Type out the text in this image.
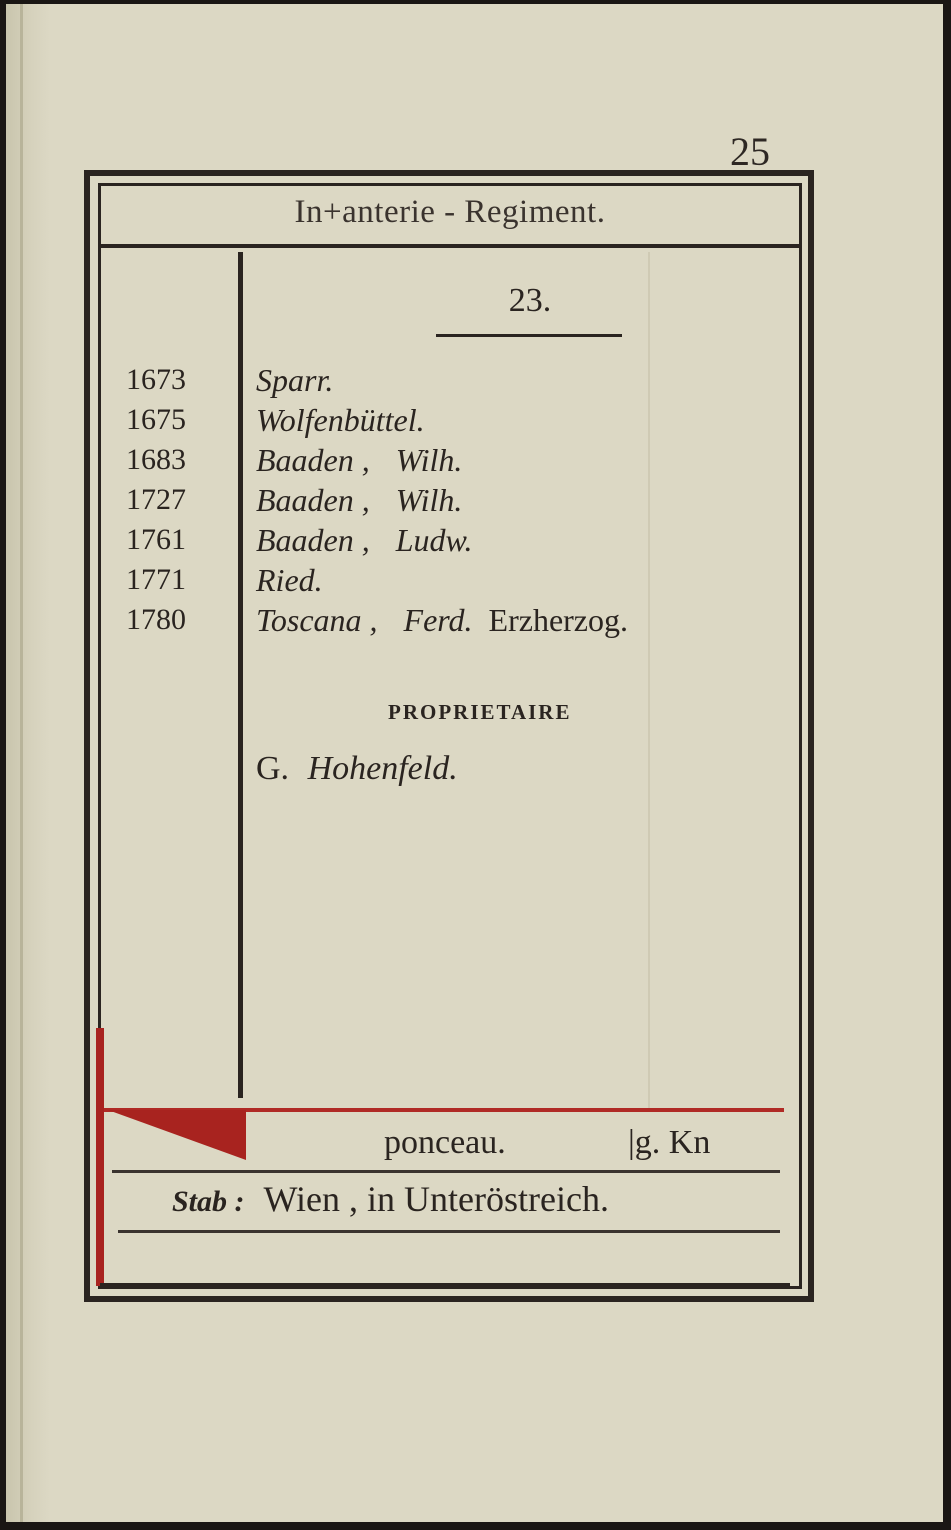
25
In+anterie - Regiment.
23.
1673
1675
1683
1727
1761
1771
1780
Sparr.
Wolfenbüttel.
Baaden , Wilh.
Baaden , Wilh.
Baaden , Ludw.
Ried.
Toscana , Ferd. Erzherzog.
PROPRIETAIRE
G. Hohenfeld.
ponceau.	|g. Kn
Stab : Wien , in Unteröstreich.
